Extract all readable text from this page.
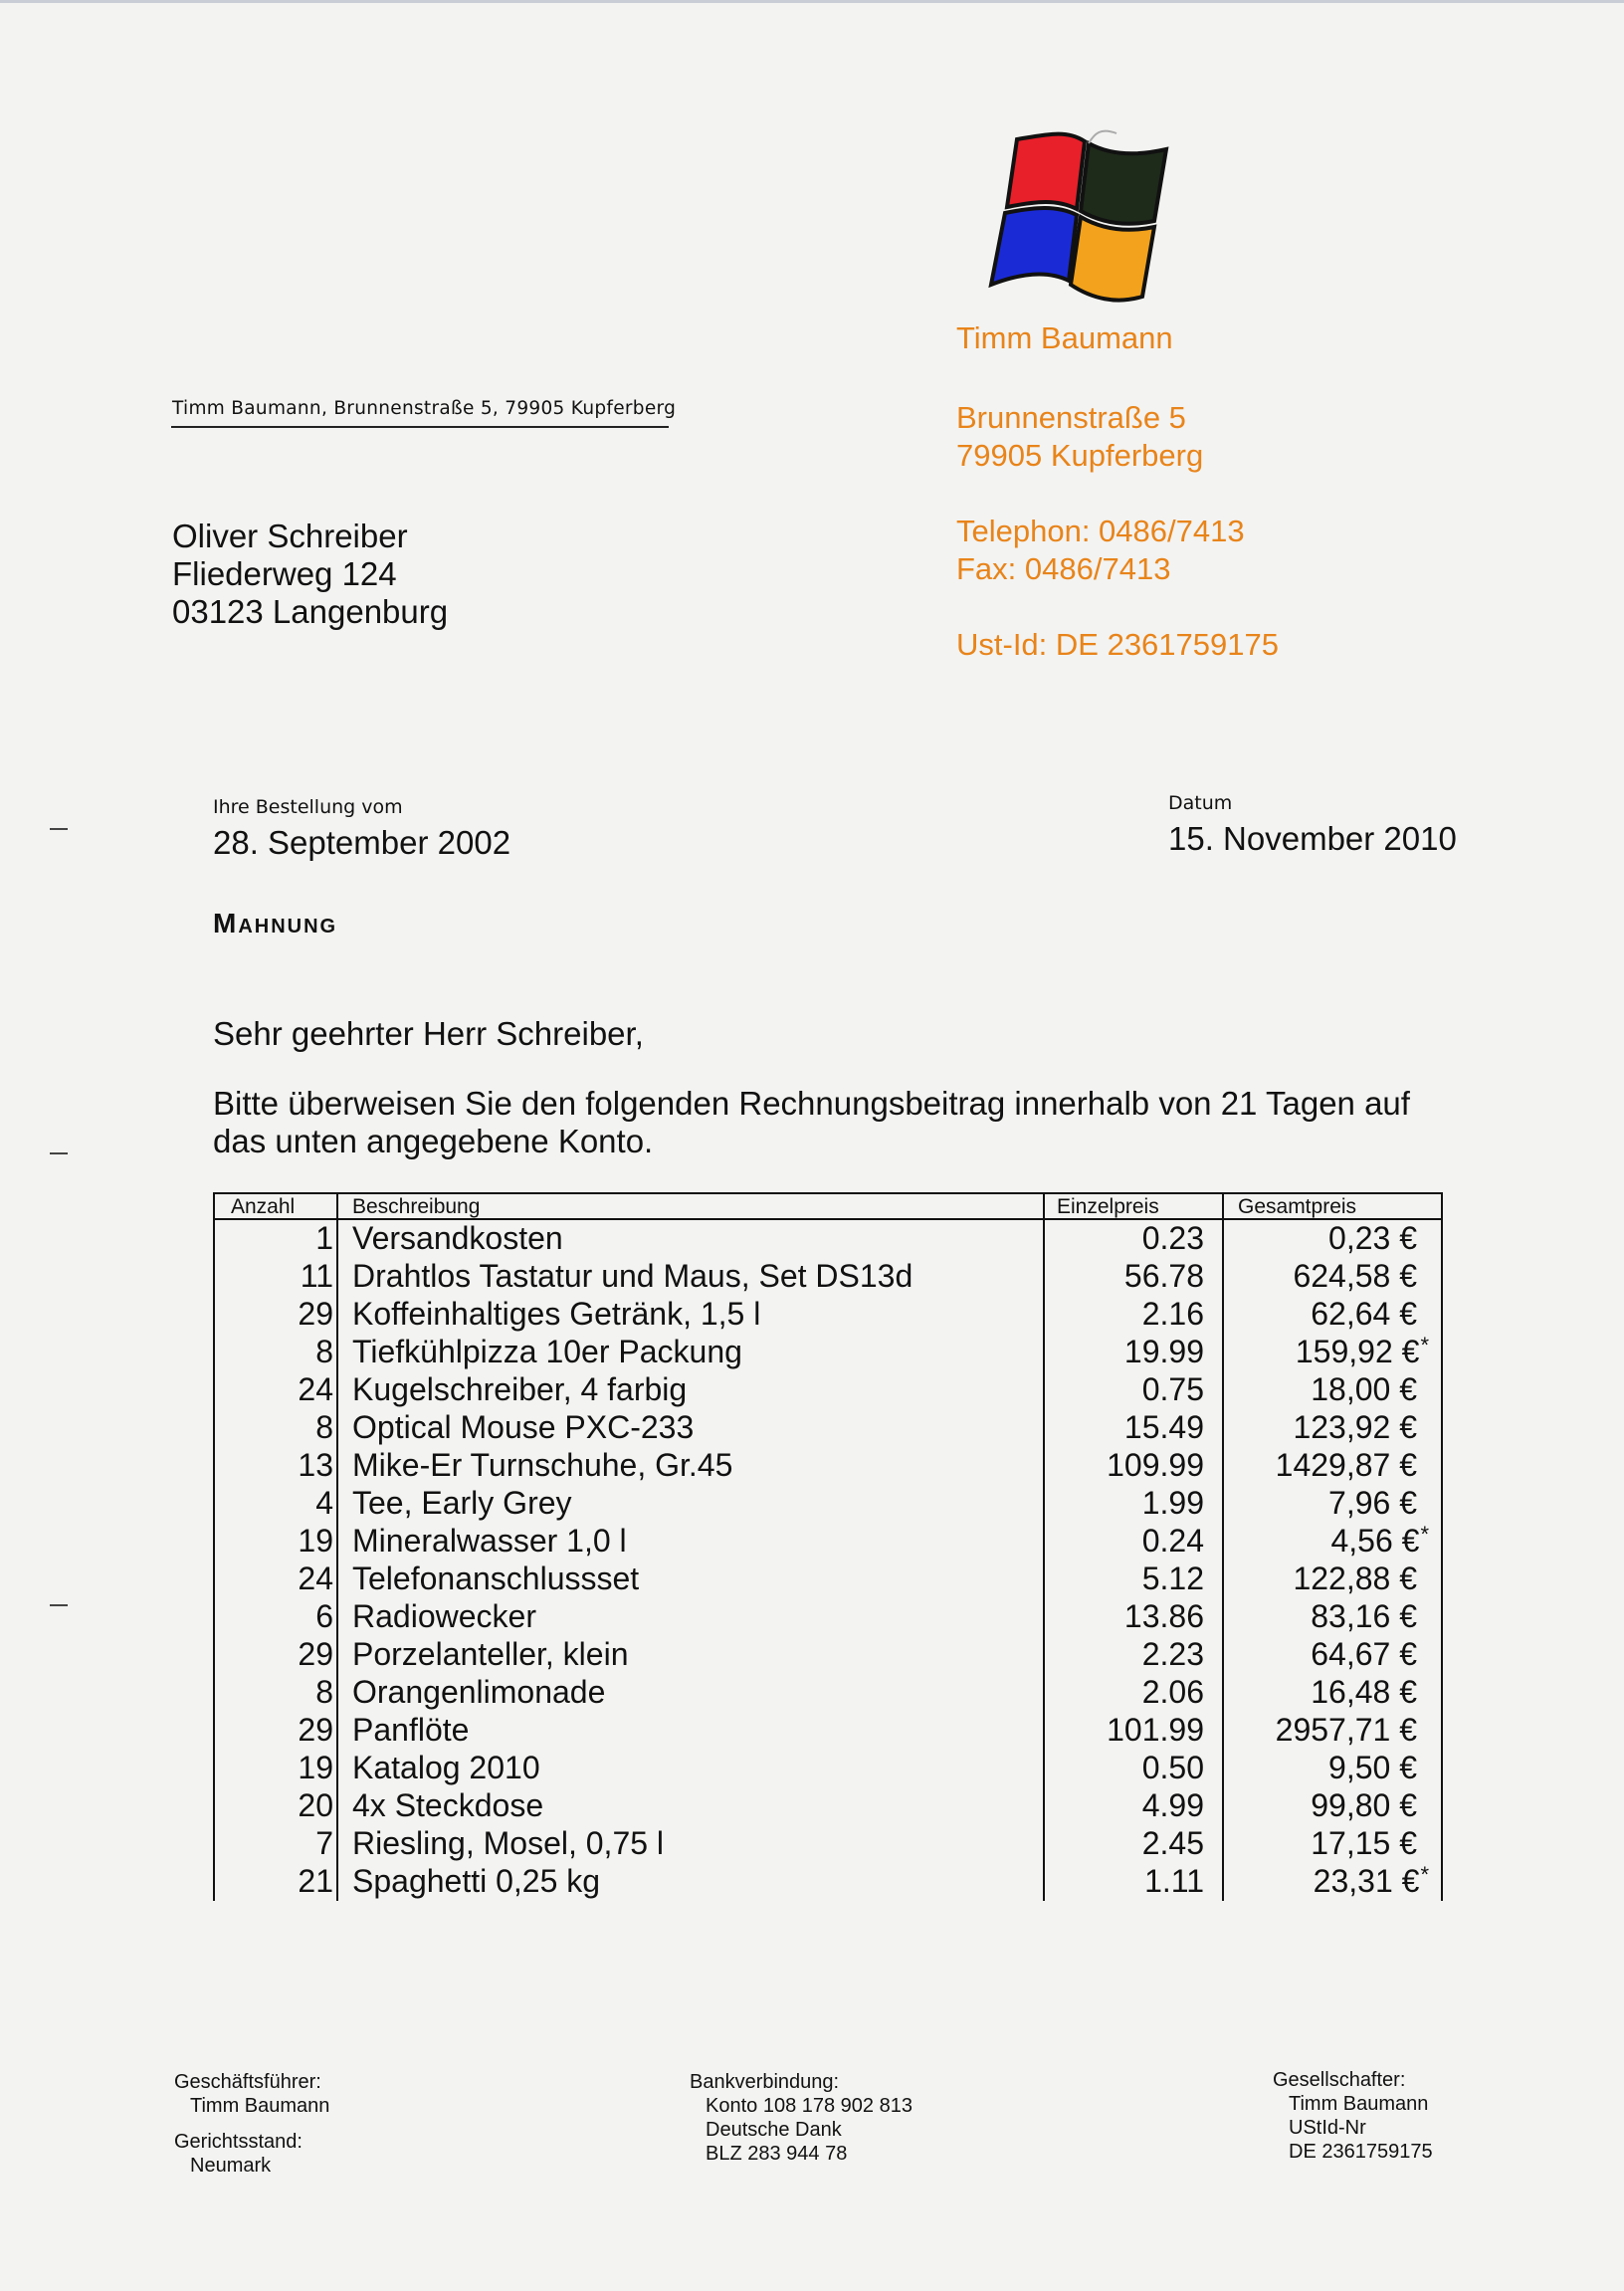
Timm Baumann
Brunnenstraße 5
79905 Kupferberg
Telephon: 0486/7413
Fax: 0486/7413
Ust-Id: DE 2361759175
Timm Baumann, Brunnenstraße 5, 79905 Kupferberg
Oliver Schreiber
Fliederweg 124
03123 Langenburg
Ihre Bestellung vom
28. September 2002
Datum
15. November 2010
Mahnung
Sehr geehrter Herr Schreiber,
Bitte überweisen Sie den folgenden Rechnungsbeitrag innerhalb von 21 Tagen auf das unten angegebene Konto.
Anzahl	Beschreibung	Einzelpreis	Gesamtpreis
1 Versandkosten	0.23	0,23 €
11 Drahtlos Tastatur und Maus, Set DS13d	56.78	624,58 €
29 Koffeinhaltiges Getränk, 1,5 l	2.16	62,64 €
8 Tiefkühlpizza 10er Packung	19.99	159,92 €*
24 Kugelschreiber, 4 farbig	0.75	18,00 €
8 Optical Mouse PXC-233	15.49	123,92 €
13 Mike-Er Turnschuhe, Gr.45	109.99 1429,87 €
4 Tee, Early Grey	1.99	7,96 €
19 Mineralwasser 1,0 l	0.24	4,56 €*
24 Telefonanschlussset	5.12	122,88 €
6 Radiowecker	13.86	83,16 €
29 Porzelanteller, klein	2.23	64,67 €
8 Orangenlimonade	2.06	16,48 €
29 Panflöte	101.99 2957,71 €
19 Katalog 2010	0.50	9,50 €
20 4x Steckdose	4.99	99,80 €
7 Riesling, Mosel, 0,75 l	2.45	17,15 €
21 Spaghetti 0,25 kg	1.11	23,31 €*
Geschäftsführer:
Timm Baumann
Gerichtsstand:
Neumark
Bankverbindung:
Konto 108 178 902 813
Deutsche Dank
BLZ 283 944 78
Gesellschafter:
Timm Baumann
UStId-Nr
DE 2361759175
